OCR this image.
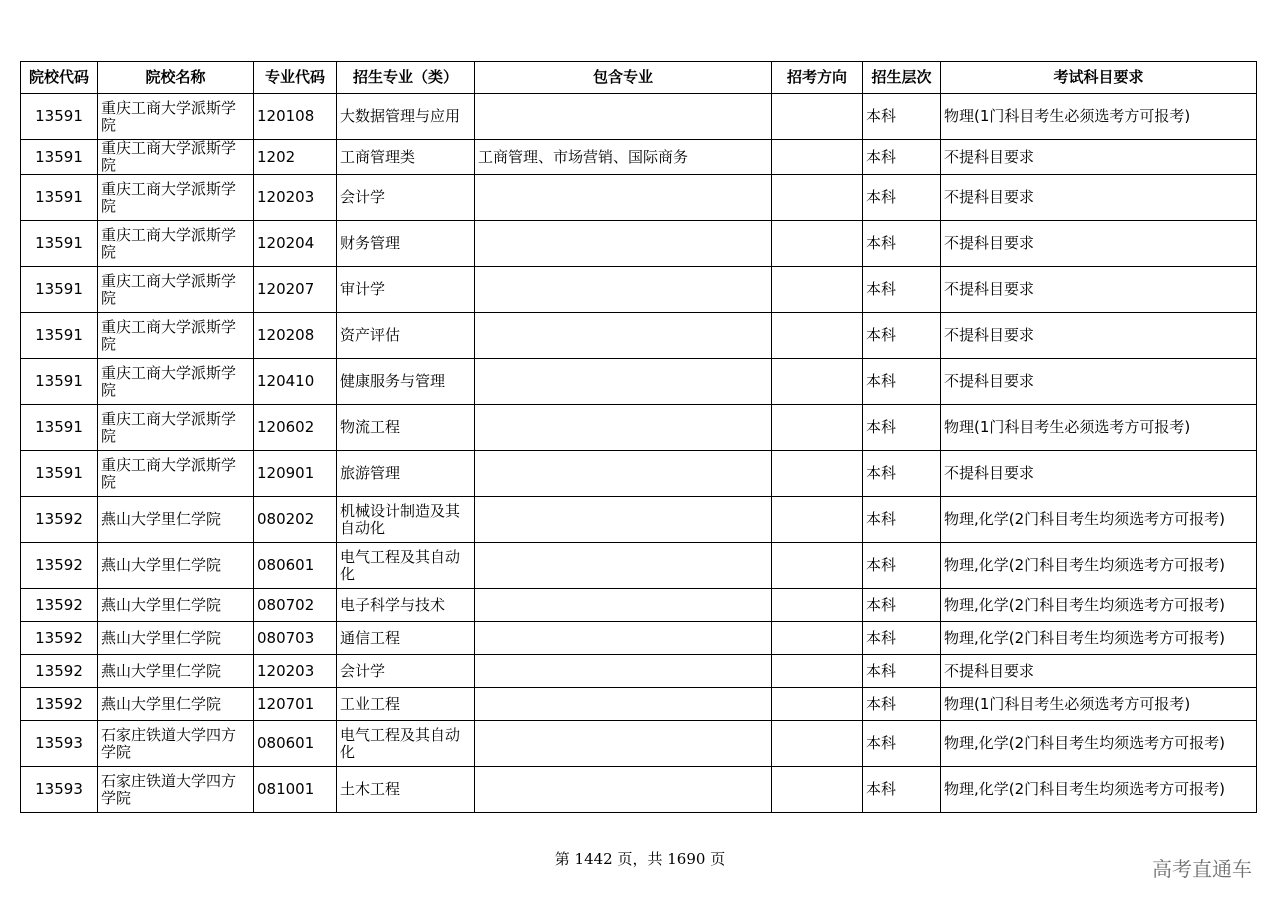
院校代码	院校名称	专业代码	招生专业（类）	包含专业	招考方向	招生层次	考试科目要求
13591	重庆工商大学派斯学院	120108	大数据管理与应用			本科	物理(1门科目考生必须选考方可报考)
13591	重庆工商大学派斯学院	1202	工商管理类	工商管理、市场营销、国际商务		本科	不提科目要求
13591	重庆工商大学派斯学院	120203	会计学			本科	不提科目要求
13591	重庆工商大学派斯学院	120204	财务管理			本科	不提科目要求
13591	重庆工商大学派斯学院	120207	审计学			本科	不提科目要求
13591	重庆工商大学派斯学院	120208	资产评估			本科	不提科目要求
13591	重庆工商大学派斯学院	120410	健康服务与管理			本科	不提科目要求
13591	重庆工商大学派斯学院	120602	物流工程			本科	物理(1门科目考生必须选考方可报考)
13591	重庆工商大学派斯学院	120901	旅游管理			本科	不提科目要求
13592	燕山大学里仁学院	080202	机械设计制造及其自动化			本科	物理,化学(2门科目考生均须选考方可报考)
13592	燕山大学里仁学院	080601	电气工程及其自动化			本科	物理,化学(2门科目考生均须选考方可报考)
13592	燕山大学里仁学院	080702	电子科学与技术			本科	物理,化学(2门科目考生均须选考方可报考)
13592	燕山大学里仁学院	080703	通信工程			本科	物理,化学(2门科目考生均须选考方可报考)
13592	燕山大学里仁学院	120203	会计学			本科	不提科目要求
13592	燕山大学里仁学院	120701	工业工程			本科	物理(1门科目考生必须选考方可报考)
13593	石家庄铁道大学四方学院	080601	电气工程及其自动化			本科	物理,化学(2门科目考生均须选考方可报考)
13593	石家庄铁道大学四方学院	081001	土木工程			本科	物理,化学(2门科目考生均须选考方可报考)
第 1442 页，共 1690 页	高考直通车
